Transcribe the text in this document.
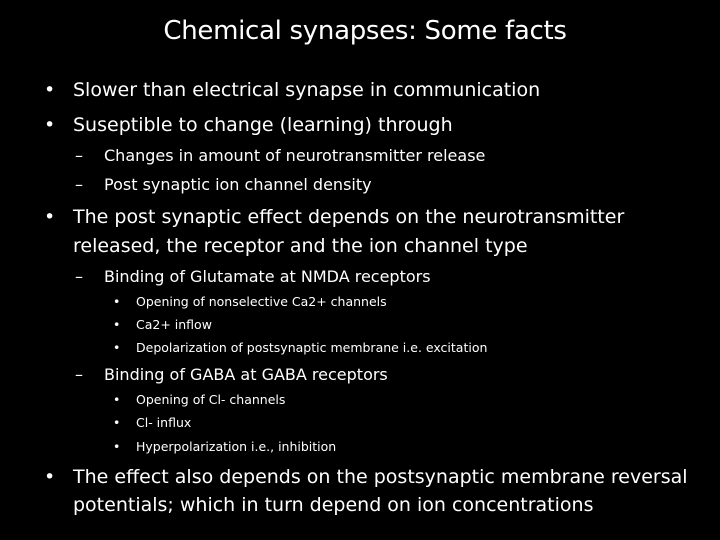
Chemical synapses: Some facts
• Slower than electrical synapse in communication
• Suseptible to change (learning) through
– Changes in amount of neurotransmitter release
– Post synaptic ion channel density
• The post synaptic effect depends on the neurotransmitter
released, the receptor and the ion channel type
– Binding of Glutamate at NMDA receptors
• Opening of nonselective Ca2+ channels
• Ca2+ inflow
• Depolarization of postsynaptic membrane i.e. excitation
– Binding of GABA at GABA receptors
• Opening of Cl- channels
• Cl- influx
• Hyperpolarization i.e., inhibition
• The effect also depends on the postsynaptic membrane reversal
potentials; which in turn depend on ion concentrations
